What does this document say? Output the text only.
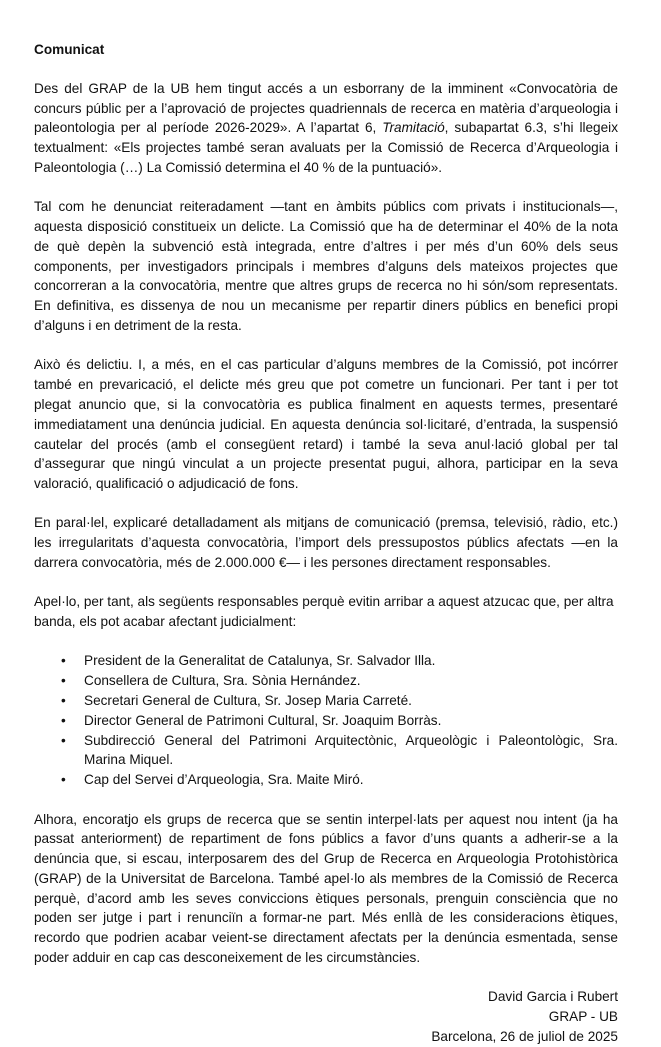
Comunicat

Des del GRAP de la UB hem tingut accés a un esborrany de la imminent «Convocatòria de concurs públic per a l’aprovació de projectes quadriennals de recerca en matèria d’arqueologia i paleontologia per al període 2026-2029». A l’apartat 6, Tramitació, subapartat 6.3, s’hi llegeix textualment: «Els projectes també seran avaluats per la Comissió de Recerca d’Arqueologia i Paleontologia (…) La Comissió determina el 40 % de la puntuació».

Tal com he denunciat reiteradament —tant en àmbits públics com privats i institucionals—, aquesta disposició constitueix un delicte. La Comissió que ha de determinar el 40% de la nota de què depèn la subvenció està integrada, entre d’altres i per més d’un 60% dels seus components, per investigadors principals i membres d’alguns dels mateixos projectes que concorreran a la convocatòria, mentre que altres grups de recerca no hi són/som representats. En definitiva, es dissenya de nou un mecanisme per repartir diners públics en benefici propi d’alguns i en detriment de la resta.

Això és delictiu. I, a més, en el cas particular d’alguns membres de la Comissió, pot incórrer també en prevaricació, el delicte més greu que pot cometre un funcionari. Per tant i per tot plegat anuncio que, si la convocatòria es publica finalment en aquests termes, presentaré immediatament una denúncia judicial. En aquesta denúncia sol·licitaré, d’entrada, la suspensió cautelar del procés (amb el consegüent retard) i també la seva anul·lació global per tal d’assegurar que ningú vinculat a un projecte presentat pugui, alhora, participar en la seva valoració, qualificació o adjudicació de fons.

En paral·lel, explicaré detalladament als mitjans de comunicació (premsa, televisió, ràdio, etc.) les irregularitats d’aquesta convocatòria, l’import dels pressupostos públics afectats —en la darrera convocatòria, més de 2.000.000 €— i les persones directament responsables.

Apel·lo, per tant, als següents responsables perquè evitin arribar a aquest atzucac que, per altra banda, els pot acabar afectant judicialment:

• President de la Generalitat de Catalunya, Sr. Salvador Illa.
• Consellera de Cultura, Sra. Sònia Hernández.
• Secretari General de Cultura, Sr. Josep Maria Carreté.
• Director General de Patrimoni Cultural, Sr. Joaquim Borràs.
• Subdirecció General del Patrimoni Arquitectònic, Arqueològic i Paleontològic, Sra. Marina Miquel.
• Cap del Servei d’Arqueologia, Sra. Maite Miró.

Alhora, encoratjo els grups de recerca que se sentin interpel·lats per aquest nou intent (ja ha passat anteriorment) de repartiment de fons públics a favor d’uns quants a adherir-se a la denúncia que, si escau, interposarem des del Grup de Recerca en Arqueologia Protohistòrica (GRAP) de la Universitat de Barcelona. També apel·lo als membres de la Comissió de Recerca perquè, d’acord amb les seves conviccions ètiques personals, prenguin consciència que no poden ser jutge i part i renunciïn a formar-ne part. Més enllà de les consideracions ètiques, recordo que podrien acabar veient-se directament afectats per la denúncia esmentada, sense poder adduir en cap cas desconeixement de les circumstàncies.

David Garcia i Rubert
GRAP - UB
Barcelona, 26 de juliol de 2025
